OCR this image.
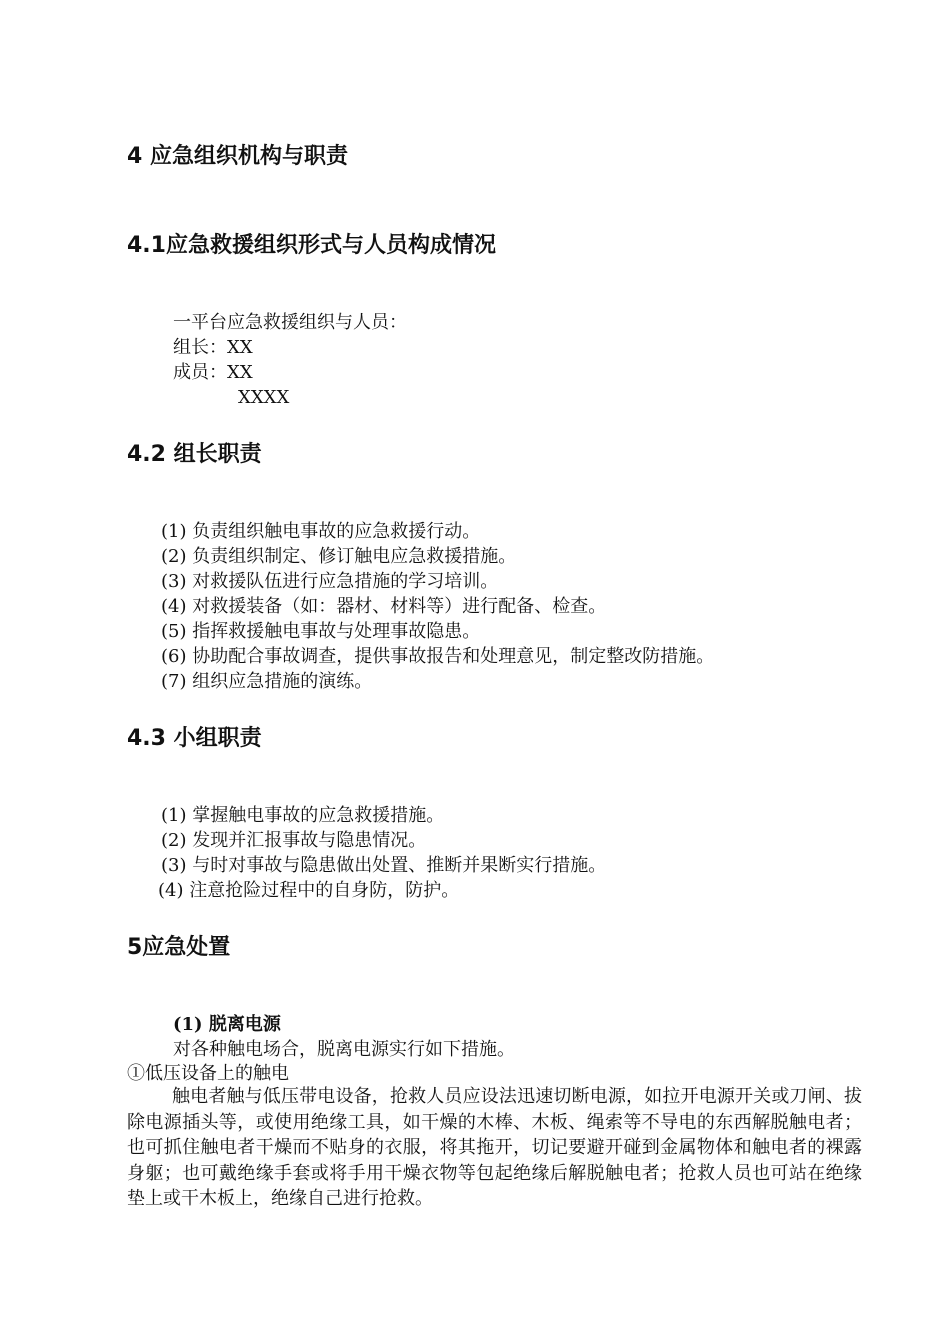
4 应急组织机构与职责
4.1应急救援组织形式与人员构成情况
一平台应急救援组织与人员：
组长：XX
成员：XX
XXXX
4.2 组长职责
(1) 负责组织触电事故的应急救援行动。
(2) 负责组织制定、修订触电应急救援措施。
(3) 对救援队伍进行应急措施的学习培训。
(4) 对救援装备（如：器材、材料等）进行配备、检查。
(5) 指挥救援触电事故与处理事故隐患。
(6) 协助配合事故调查，提供事故报告和处理意见，制定整改防措施。
(7) 组织应急措施的演练。
4.3 小组职责
(1) 掌握触电事故的应急救援措施。
(2) 发现并汇报事故与隐患情况。
(3) 与时对事故与隐患做出处置、推断并果断实行措施。
(4) 注意抢险过程中的自身防，防护。
5应急处置
(1) 脱离电源
对各种触电场合，脱离电源实行如下措施。
①低压设备上的触电
触电者触与低压带电设备，抢救人员应设法迅速切断电源，如拉开电源开关或刀闸、拔除电源插头等，或使用绝缘工具，如干燥的木棒、木板、绳索等不导电的东西解脱触电者；也可抓住触电者干燥而不贴身的衣服，将其拖开，切记要避开碰到金属物体和触电者的裸露身躯；也可戴绝缘手套或将手用干燥衣物等包起绝缘后解脱触电者；抢救人员也可站在绝缘垫上或干木板上，绝缘自己进行抢救。
